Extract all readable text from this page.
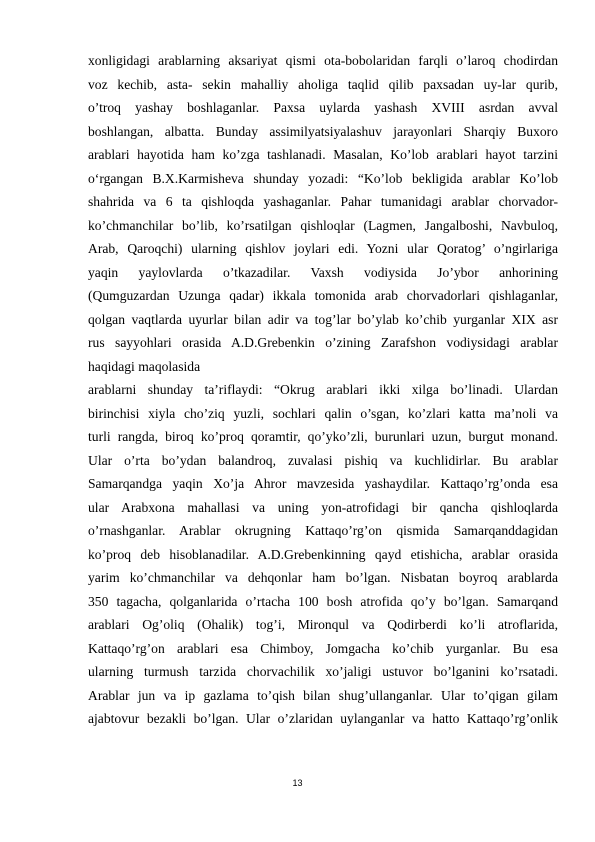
xonligidagi arablarning aksariyat qismi ota-bobolaridan farqli o’laroq chodirdan
voz kechib, asta- sekin mahalliy aholiga taqlid qilib paxsadan uy-lar qurib,
o’troq yashay boshlaganlar. Paxsa uylarda yashash XVIII asrdan avval
boshlangan, albatta. Bunday assimilyatsiyalashuv jarayonlari Sharqiy Buxoro
arablari hayotida ham ko’zga tashlanadi. Masalan, Ko’lob arablari hayot tarzini
o‘rgangan B.X.Karmisheva shunday yozadi: “Ko’lob bekligida arablar Ko’lob
shahrida va 6 ta qishloqda yashaganlar. Pahar tumanidagi arablar chorvador-
ko’chmanchilar bo’lib, ko’rsatilgan qishloqlar (Lagmen, Jangalboshi, Navbuloq,
Arab, Qaroqchi) ularning qishlov joylari edi. Yozni ular Qoratog’ o’ngirlariga
yaqin yaylovlarda o’tkazadilar. Vaxsh vodiysida Jo’ybor anhorining
(Qumguzardan Uzunga qadar) ikkala tomonida arab chorvadorlari qishlaganlar,
qolgan vaqtlarda uyurlar bilan adir va tog’lar bo’ylab ko’chib yurganlar XIX asr
rus sayyohlari orasida A.D.Grebenkin o’zining Zarafshon vodiysidagi arablar
haqidagi maqolasida
arablarni shunday ta’riflaydi: “Okrug arablari ikki xilga bo’linadi. Ulardan
birinchisi xiyla cho’ziq yuzli, sochlari qalin o’sgan, ko’zlari katta ma’noli va
turli rangda, biroq ko’proq qoramtir, qo’yko’zli, burunlari uzun, burgut monand.
Ular o’rta bo’ydan balandroq, zuvalasi pishiq va kuchlidirlar. Bu arablar
Samarqandga yaqin Xo’ja Ahror mavzesida yashaydilar. Kattaqo’rg’onda esa
ular Arabxona mahallasi va uning yon-atrofidagi bir qancha qishloqlarda
o’rnashganlar. Arablar okrugning Kattaqo’rg’on qismida Samarqanddagidan
ko’proq deb hisoblanadilar. A.D.Grebenkinning qayd etishicha, arablar orasida
yarim ko’chmanchilar va dehqonlar ham bo’lgan. Nisbatan boyroq arablarda
350 tagacha, qolganlarida o’rtacha 100 bosh atrofida qo’y bo’lgan. Samarqand
arablari Og’oliq (Ohalik) tog’i, Mironqul va Qodirberdi ko’li atroflarida,
Kattaqo’rg’on arablari esa Chimboy, Jomgacha ko’chib yurganlar. Bu esa
ularning turmush tarzida chorvachilik xo’jaligi ustuvor bo’lganini ko’rsatadi.
Arablar jun va ip gazlama to’qish bilan shug’ullanganlar. Ular to’qigan gilam
ajabtovur bezakli bo’lgan. Ular o’zlaridan uylanganlar va hatto Kattaqo’rg’onlik
13
